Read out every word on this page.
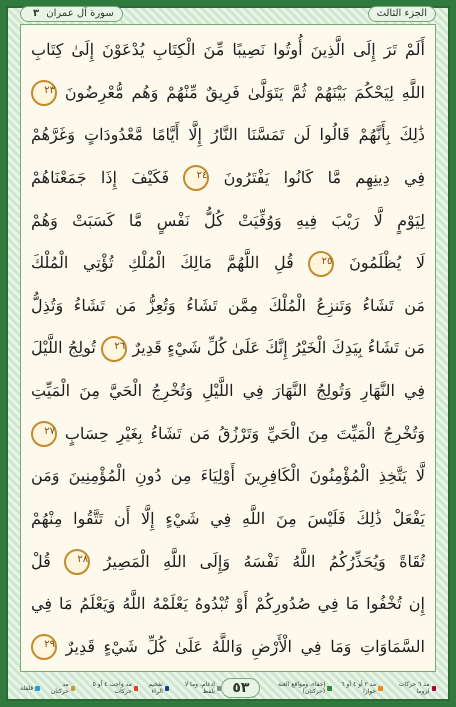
الجزء الثالث
سورة آل عمران ٣
أَلَمْ تَرَ إِلَى الَّذِينَ أُوتُوا نَصِيبًا مِّنَ الْكِتَابِ يُدْعَوْنَ إِلَىٰ كِتَابِ
اللَّهِ لِيَحْكُمَ بَيْنَهُمْ ثُمَّ يَتَوَلَّىٰ فَرِيقٌ مِّنْهُمْ وَهُم مُّعْرِضُونَ ٢٣
ذَٰلِكَ بِأَنَّهُمْ قَالُوا لَن تَمَسَّنَا النَّارُ إِلَّا أَيَّامًا مَّعْدُودَاتٍ وَغَرَّهُمْ
فِي دِينِهِم مَّا كَانُوا يَفْتَرُونَ ٢٤ فَكَيْفَ إِذَا جَمَعْنَاهُمْ
لِيَوْمٍ لَّا رَيْبَ فِيهِ وَوُفِّيَتْ كُلُّ نَفْسٍ مَّا كَسَبَتْ وَهُمْ
لَا يُظْلَمُونَ ٢٥ قُلِ اللَّهُمَّ مَالِكَ الْمُلْكِ تُؤْتِي الْمُلْكَ
مَن تَشَاءُ وَتَنزِعُ الْمُلْكَ مِمَّن تَشَاءُ وَتُعِزُّ مَن تَشَاءُ وَتُذِلُّ
مَن تَشَاءُ بِيَدِكَ الْخَيْرُ إِنَّكَ عَلَىٰ كُلِّ شَيْءٍ قَدِيرٌ ٢٦ تُولِجُ اللَّيْلَ
فِي النَّهَارِ وَتُولِجُ النَّهَارَ فِي اللَّيْلِ وَتُخْرِجُ الْحَيَّ مِنَ الْمَيِّتِ
وَتُخْرِجُ الْمَيِّتَ مِنَ الْحَيِّ وَتَرْزُقُ مَن تَشَاءُ بِغَيْرِ حِسَابٍ ٢٧
لَّا يَتَّخِذِ الْمُؤْمِنُونَ الْكَافِرِينَ أَوْلِيَاءَ مِن دُونِ الْمُؤْمِنِينَ وَمَن
يَفْعَلْ ذَٰلِكَ فَلَيْسَ مِنَ اللَّهِ فِي شَيْءٍ إِلَّا أَن تَتَّقُوا مِنْهُمْ
تُقَاةً وَيُحَذِّرُكُمُ اللَّهُ نَفْسَهُ وَإِلَى اللَّهِ الْمَصِيرُ ٢٨ قُلْ
إِن تُخْفُوا مَا فِي صُدُورِكُمْ أَوْ تُبْدُوهُ يَعْلَمْهُ اللَّهُ وَيَعْلَمُ مَا فِي
السَّمَاوَاتِ وَمَا فِي الْأَرْضِ وَاللَّهُ عَلَىٰ كُلِّ شَيْءٍ قَدِيرٌ ٢٩
مد ٦ حركات لزوما
مد ٢ أو ٤ أو ٦ جوازا
إخفاء، ومواقع الغنة (حركتان)
٥٣
إدغام، وما لا يلفظ
تفخيم الراء
مد واجب ٤ أو ٥ حركات
مد حركتان
قلقلة
